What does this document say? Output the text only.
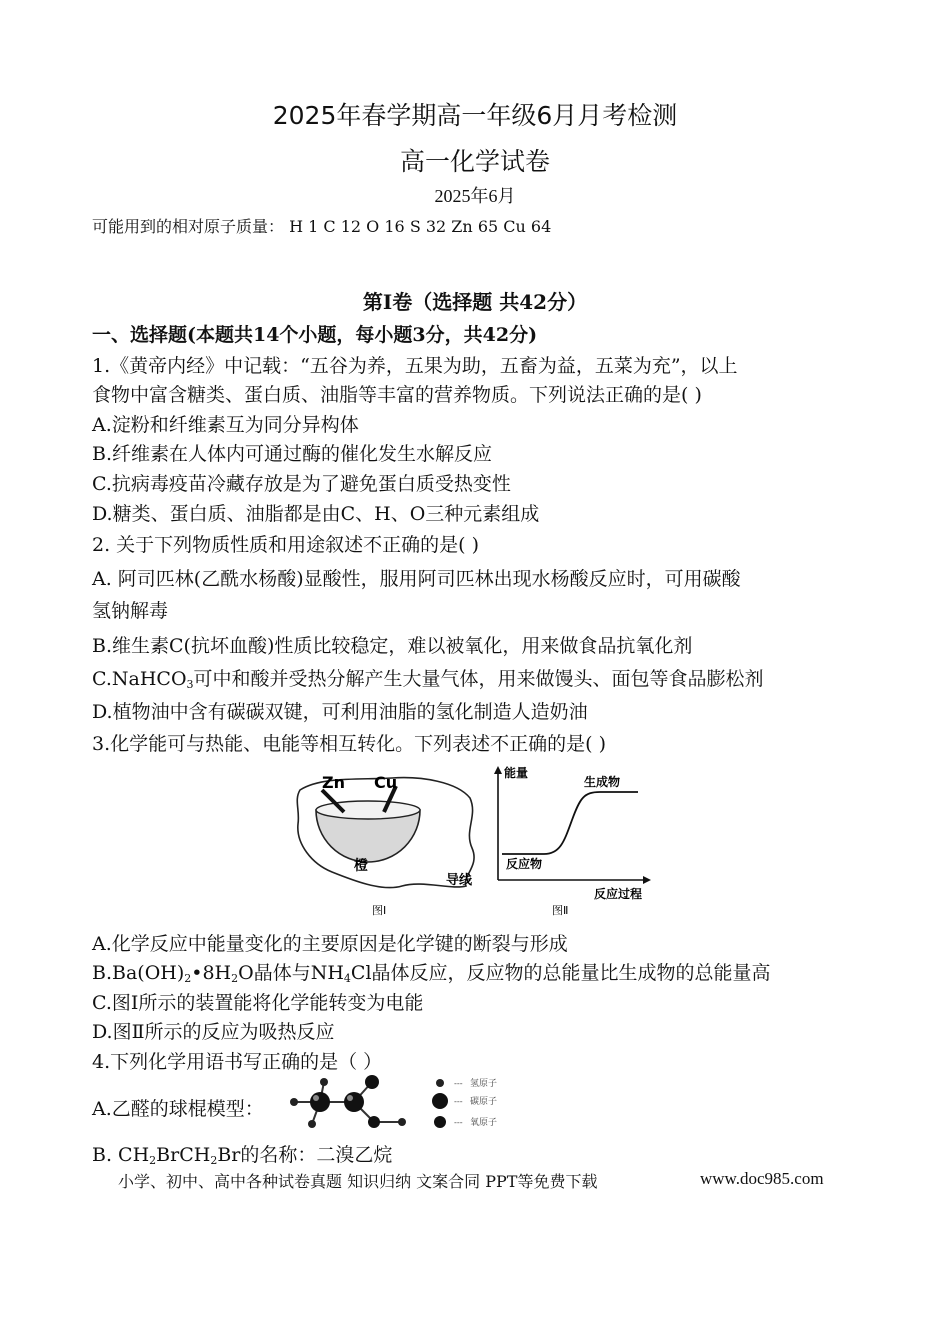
2025年春学期高一年级6月月考检测
高一化学试卷
2025年6月
可能用到的相对原子质量： H 1 C 12 O 16 S 32 Zn 65 Cu 64
第Ⅰ卷（选择题 共42分）
一、选择题(本题共14个小题，每小题3分，共42分)
1.《黄帝内经》中记载：“五谷为养，五果为助，五畜为益，五菜为充”，以上
食物中富含糖类、蛋白质、油脂等丰富的营养物质。下列说法正确的是( )
A.淀粉和纤维素互为同分异构体
B.纤维素在人体内可通过酶的催化发生水解反应
C.抗病毒疫苗冷藏存放是为了避免蛋白质受热变性
D.糖类、蛋白质、油脂都是由C、H、O三种元素组成
2. 关于下列物质性质和用途叙述不正确的是( )
A. 阿司匹林(乙酰水杨酸)显酸性，服用阿司匹林出现水杨酸反应时，可用碳酸
氢钠解毒
B.维生素C(抗坏血酸)性质比较稳定，难以被氧化，用来做食品抗氧化剂
C.NaHCO$_3$可中和酸并受热分解产生大量气体，用来做馒头、面包等食品膨松剂
D.植物油中含有碳碳双键，可利用油脂的氢化制造人造奶油
3.化学能可与热能、电能等相互转化。下列表述不正确的是( )
Zn Cu
橙
导线
图Ⅰ
能量
生成物
反应物
反应过程
图Ⅱ
A.化学反应中能量变化的主要原因是化学键的断裂与形成
$B.Ba(OH)_2•8H_2O$晶体与$NH_4Cl$晶体反应，反应物的总能量比生成物的总能量高
C.图Ⅰ所示的装置能将化学能转变为电能
D.图Ⅱ所示的反应为吸热反应
4.下列化学用语书写正确的是（ ）
A.乙醛的球棍模型：
--- 氢原子
--- 碳原子
--- 氧原子
B. $CH_2BrCH_2Br$的名称：二溴乙烷
小学、初中、高中各种试卷真题 知识归纳 文案合同 PPT等免费下载	www.doc985.com
